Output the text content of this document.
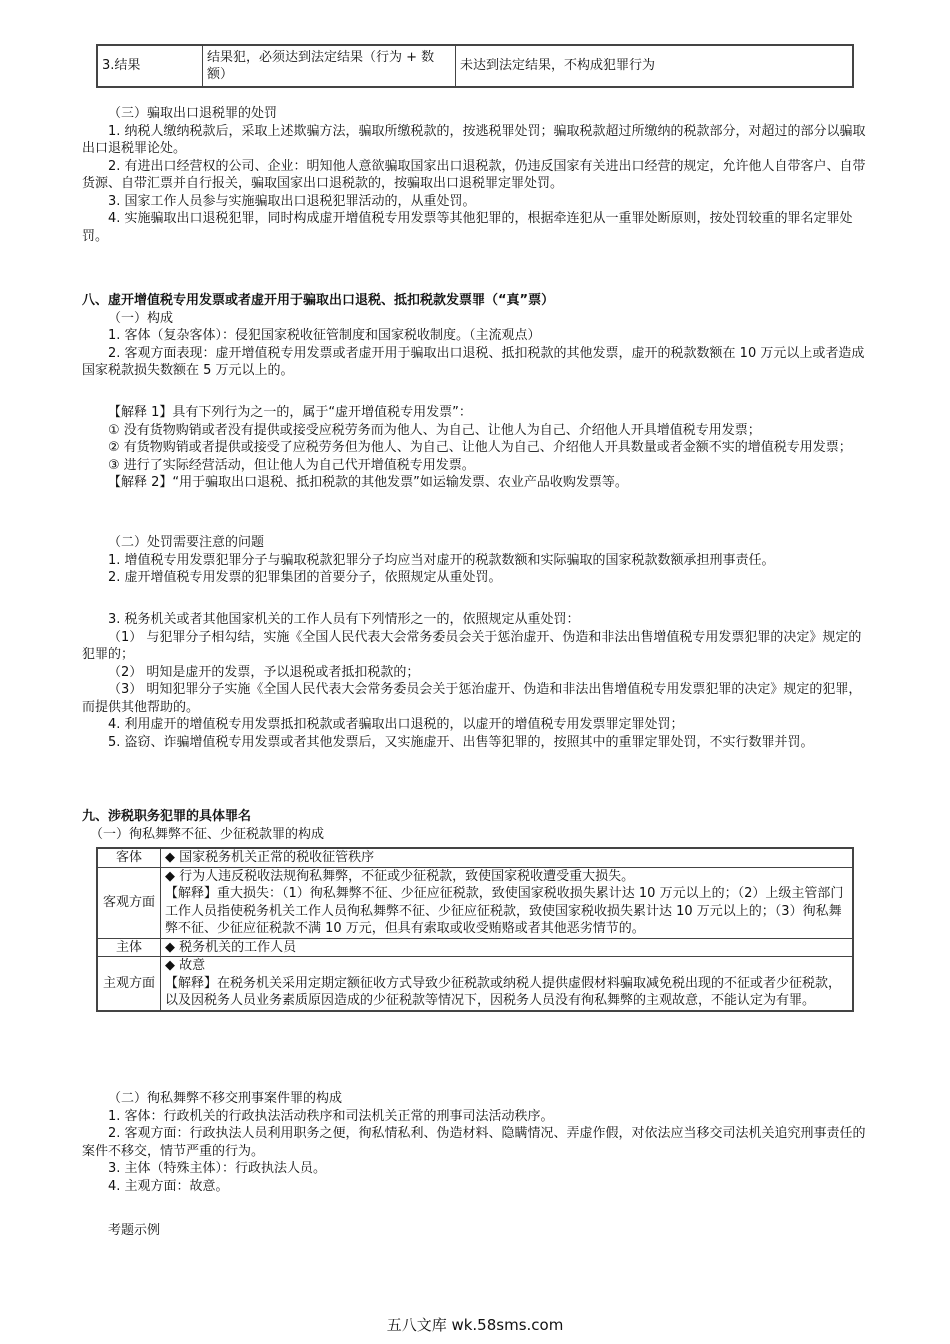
3.结果	结果犯，必须达到法定结果（行为 + 数额）	未达到法定结果，不构成犯罪行为

（三）骗取出口退税罪的处罚

1. 纳税人缴纳税款后，采取上述欺骗方法，骗取所缴税款的，按逃税罪处罚；骗取税款超过所缴纳的税款部分，对超过的部分以骗取出口退税罪论处。

2. 有进出口经营权的公司、企业：明知他人意欲骗取国家出口退税款，仍违反国家有关进出口经营的规定，允许他人自带客户、自带货源、自带汇票并自行报关，骗取国家出口退税款的，按骗取出口退税罪定罪处罚。

3. 国家工作人员参与实施骗取出口退税犯罪活动的，从重处罚。

4. 实施骗取出口退税犯罪，同时构成虚开增值税专用发票等其他犯罪的，根据牵连犯从一重罪处断原则，按处罚较重的罪名定罪处罚。

八、虚开增值税专用发票或者虚开用于骗取出口退税、抵扣税款发票罪（“真”票）

（一）构成

1. 客体（复杂客体）：侵犯国家税收征管制度和国家税收制度。（主流观点）

2. 客观方面表现：虚开增值税专用发票或者虚开用于骗取出口退税、抵扣税款的其他发票，虚开的税款数额在 10 万元以上或者造成国家税款损失数额在 5 万元以上的。

【解释 1】具有下列行为之一的，属于“虚开增值税专用发票”：

① 没有货物购销或者没有提供或接受应税劳务而为他人、为自己、让他人为自己、介绍他人开具增值税专用发票；

② 有货物购销或者提供或接受了应税劳务但为他人、为自己、让他人为自己、介绍他人开具数量或者金额不实的增值税专用发票；

③ 进行了实际经营活动，但让他人为自己代开增值税专用发票。

【解释 2】“用于骗取出口退税、抵扣税款的其他发票”如运输发票、农业产品收购发票等。

（二）处罚需要注意的问题

1. 增值税专用发票犯罪分子与骗取税款犯罪分子均应当对虚开的税款数额和实际骗取的国家税款数额承担刑事责任。

2. 虚开增值税专用发票的犯罪集团的首要分子，依照规定从重处罚。

3. 税务机关或者其他国家机关的工作人员有下列情形之一的，依照规定从重处罚：

（1） 与犯罪分子相勾结，实施《全国人民代表大会常务委员会关于惩治虚开、伪造和非法出售增值税专用发票犯罪的决定》规定的犯罪的；

（2） 明知是虚开的发票，予以退税或者抵扣税款的；

（3） 明知犯罪分子实施《全国人民代表大会常务委员会关于惩治虚开、伪造和非法出售增值税专用发票犯罪的决定》规定的犯罪，而提供其他帮助的。

4. 利用虚开的增值税专用发票抵扣税款或者骗取出口退税的，以虚开的增值税专用发票罪定罪处罚；

5. 盗窃、诈骗增值税专用发票或者其他发票后，又实施虚开、出售等犯罪的，按照其中的重罪定罪处罚，不实行数罪并罚。

九、涉税职务犯罪的具体罪名

（一）徇私舞弊不征、少征税款罪的构成

客体	◆ 国家税务机关正常的税收征管秩序
客观方面	◆ 行为人违反税收法规徇私舞弊，不征或少征税款，致使国家税收遭受重大损失。
【解释】重大损失：（1）徇私舞弊不征、少征应征税款，致使国家税收损失累计达 10 万元以上的；（2）上级主管部门工作人员指使税务机关工作人员徇私舞弊不征、少征应征税款，致使国家税收损失累计达 10 万元以上的；（3）徇私舞弊不征、少征应征税款不满 10 万元，但具有索取或收受贿赂或者其他恶劣情节的。

主体	◆ 税务机关的工作人员
主观方面	◆ 故意
【解释】在税务机关采用定期定额征收方式导致少征税款或纳税人提供虚假材料骗取减免税出现的不征或者少征税款，以及因税务人员业务素质原因造成的少征税款等情况下，因税务人员没有徇私舞弊的主观故意，不能认定为有罪。

（二）徇私舞弊不移交刑事案件罪的构成

1. 客体：行政机关的行政执法活动秩序和司法机关正常的刑事司法活动秩序。

2. 客观方面：行政执法人员利用职务之便，徇私情私利、伪造材料、隐瞒情况、弄虚作假，对依法应当移交司法机关追究刑事责任的案件不移交，情节严重的行为。

3. 主体（特殊主体）：行政执法人员。

4. 主观方面：故意。

考题示例

五八文库 wk.58sms.com
